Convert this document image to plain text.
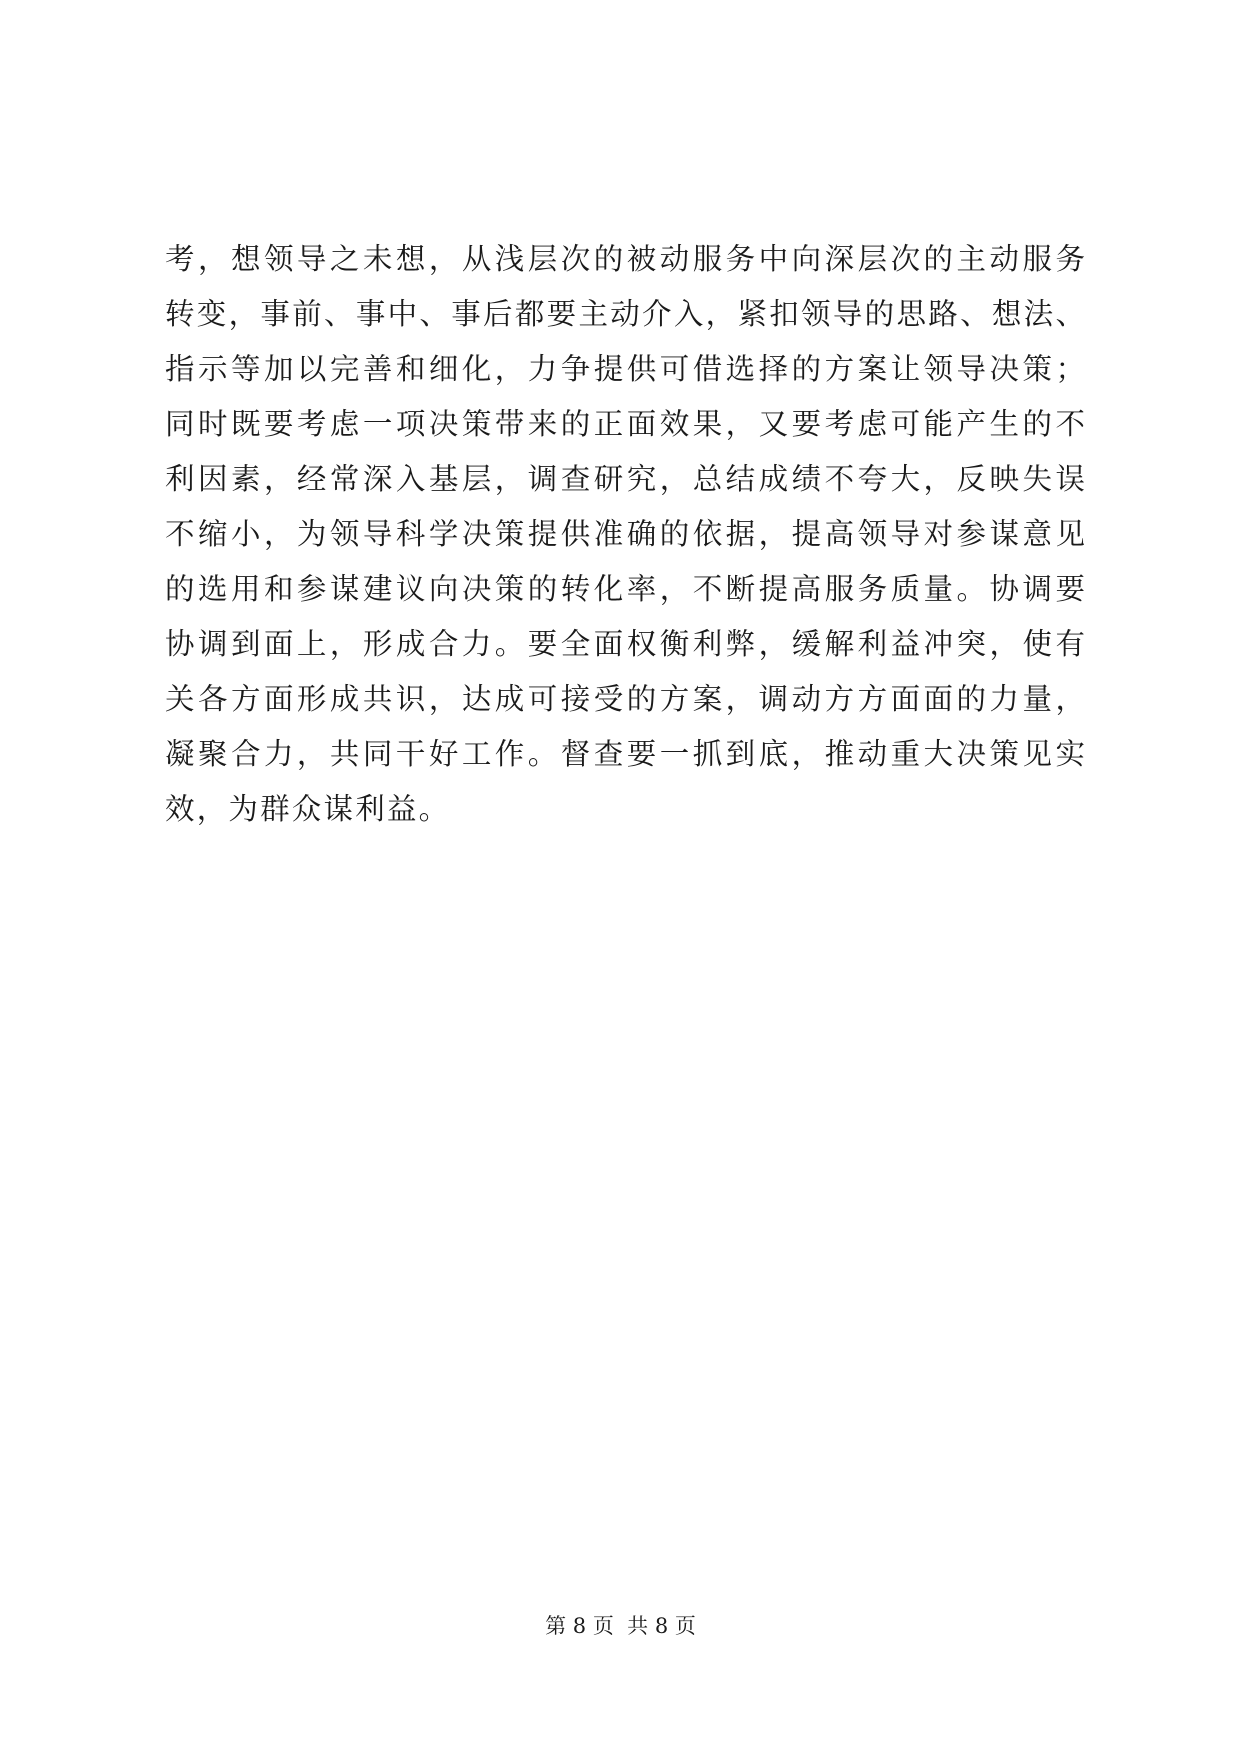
考，想领导之未想，从浅层次的被动服务中向深层次的主动服务
转变，事前、事中、事后都要主动介入，紧扣领导的思路、想法、
指示等加以完善和细化，力争提供可借选择的方案让领导决策；
同时既要考虑一项决策带来的正面效果，又要考虑可能产生的不
利因素，经常深入基层，调查研究，总结成绩不夸大，反映失误
不缩小，为领导科学决策提供准确的依据，提高领导对参谋意见
的选用和参谋建议向决策的转化率，不断提高服务质量。协调要
协调到面上，形成合力。要全面权衡利弊，缓解利益冲突，使有
关各方面形成共识，达成可接受的方案，调动方方面面的力量，
凝聚合力，共同干好工作。督查要一抓到底，推动重大决策见实
效，为群众谋利益。
第 8 页  共 8 页
